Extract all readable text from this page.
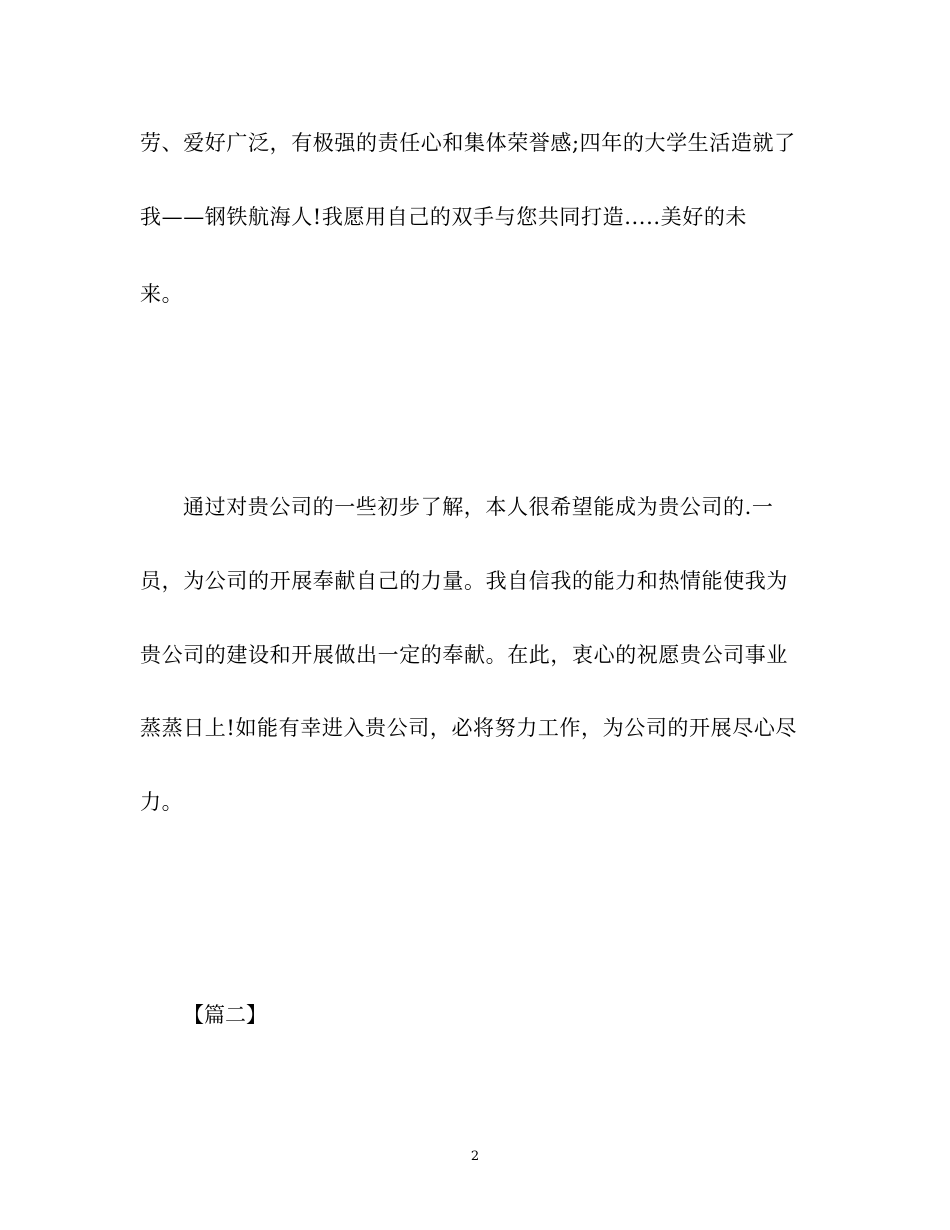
劳、爱好广泛，有极强的责任心和集体荣誉感;四年的大学生活造就了
我——钢铁航海人!我愿用自己的双手与您共同打造.....美好的未
来。
通过对贵公司的一些初步了解，本人很希望能成为贵公司的.一
员，为公司的开展奉献自己的力量。我自信我的能力和热情能使我为
贵公司的建设和开展做出一定的奉献。在此，衷心的祝愿贵公司事业
蒸蒸日上!如能有幸进入贵公司，必将努力工作，为公司的开展尽心尽
力。
【篇二】
2
